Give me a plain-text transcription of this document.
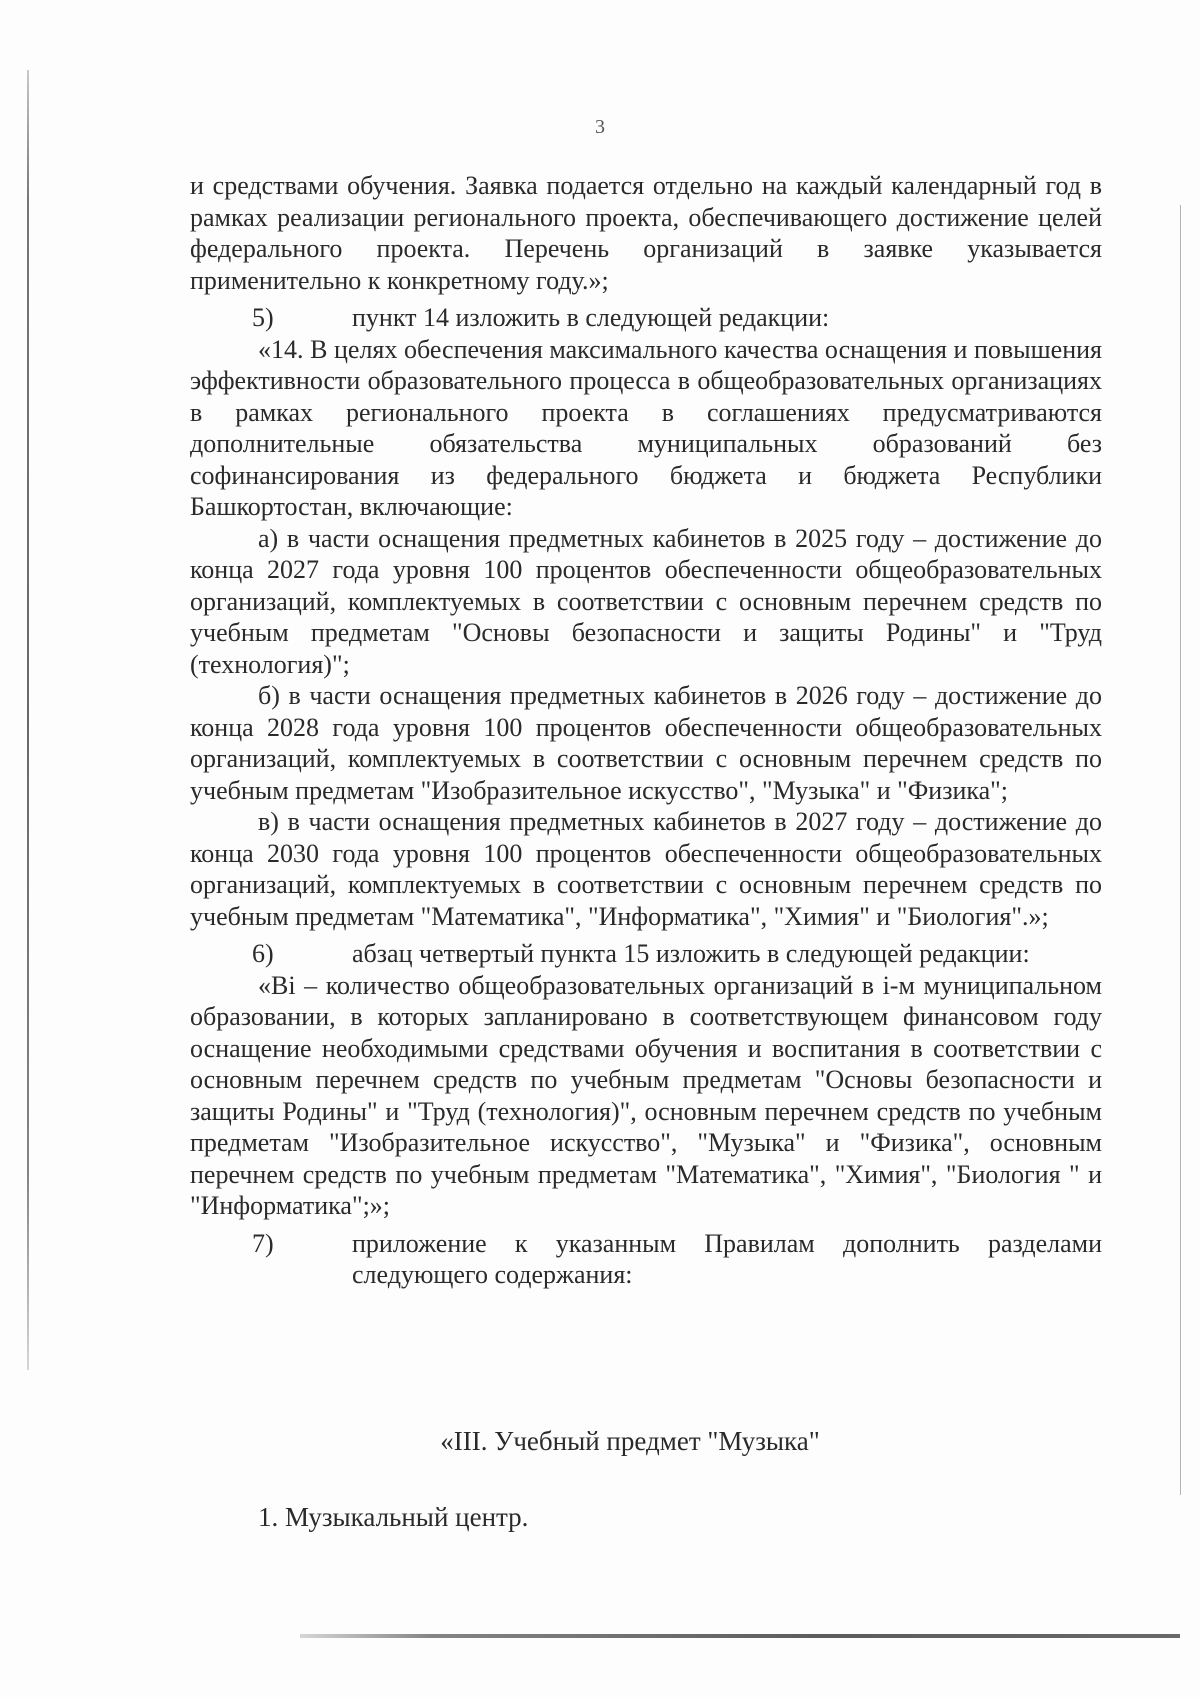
3

и средствами обучения. Заявка подается отдельно на каждый календарный год в рамках реализации регионального проекта, обеспечивающего достижение целей федерального проекта. Перечень организаций в заявке указывается применительно к конкретному году.»;

5)	пункт 14 изложить в следующей редакции:

«14. В целях обеспечения максимального качества оснащения и повышения эффективности образовательного процесса в общеобразовательных организациях в рамках регионального проекта в соглашениях предусматриваются дополнительные обязательства муниципальных образований без софинансирования из федерального бюджета и бюджета Республики Башкортостан, включающие:

а) в части оснащения предметных кабинетов в 2025 году – достижение до конца 2027 года уровня 100 процентов обеспеченности общеобразовательных организаций, комплектуемых в соответствии с основным перечнем средств по учебным предметам "Основы безопасности и защиты Родины" и "Труд (технология)";

б) в части оснащения предметных кабинетов в 2026 году – достижение до конца 2028 года уровня 100 процентов обеспеченности общеобразовательных организаций, комплектуемых в соответствии с основным перечнем средств по учебным предметам "Изобразительное искусство", "Музыка" и "Физика";

в) в части оснащения предметных кабинетов в 2027 году – достижение до конца 2030 года уровня 100 процентов обеспеченности общеобразовательных организаций, комплектуемых в соответствии с основным перечнем средств по учебным предметам "Математика", "Информатика", "Химия" и "Биология".»;

6)	абзац четвертый пункта 15 изложить в следующей редакции:

«Bi – количество общеобразовательных организаций в i-м муниципальном образовании, в которых запланировано в соответствующем финансовом году оснащение необходимыми средствами обучения и воспитания в соответствии с основным перечнем средств по учебным предметам "Основы безопасности и защиты Родины" и "Труд (технология)", основным перечнем средств по учебным предметам "Изобразительное искусство", "Музыка" и "Физика", основным перечнем средств по учебным предметам "Математика", "Химия", "Биология " и "Информатика";»;

7)	приложение к указанным Правилам дополнить разделами следующего содержания:
«III. Учебный предмет "Музыка"
1. Музыкальный центр.
